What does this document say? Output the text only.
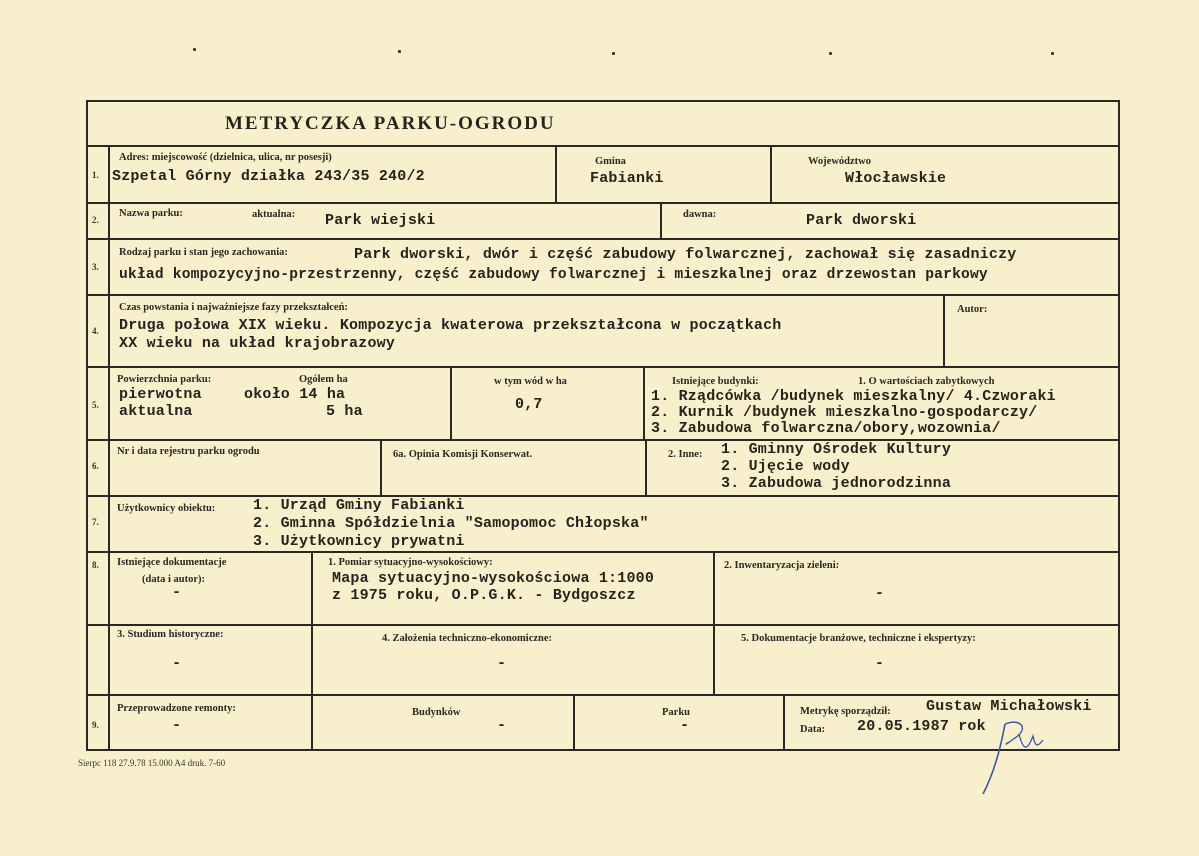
METRYCZKA PARKU-OGRODU
1.
Adres: miejscowość (dzielnica, ulica, nr posesji)
Szpetal Górny działka 243/35 240/2
Gmina
Fabianki
Województwo
Włocławskie
2.
Nazwa parku:	aktualna: Park wiejski	dawna:	Park dworski
3.
Rodzaj parku i stan jego zachowania:	Park dworski, dwór i część zabudowy folwarcznej, zachował się zasadniczy
układ kompozycyjno-przestrzenny, część zabudowy folwarcznej i mieszkalnej oraz drzewostan parkowy
4.
Czas powstania i najważniejsze fazy przekształceń:
Druga połowa XIX wieku. Kompozycja kwaterowa przekształcona w początkach
XX wieku na układ krajobrazowy
Autor:
5.
Powierzchnia parku:	Ogółem ha
pierwotna	około 14 ha
aktualna	5 ha
w tym wód w ha
0,7
Istniejące budynki:	1. O wartościach zabytkowych
1. Rządcówka /budynek mieszkalny/ 4.Czworaki
2. Kurnik /budynek mieszkalno-gospodarczy/
3. Zabudowa folwarczna/obory,wozownia/
6.
Nr i data rejestru parku ogrodu	6a. Opinia Komisji Konserwat.	2. Inne: 1. Gminny Ośrodek Kultury
2. Ujęcie wody
3. Zabudowa jednorodzinna
7.
Użytkownicy obiektu:	1. Urząd Gminy Fabianki
2. Gminna Spółdzielnia "Samopomoc Chłopska"
3. Użytkownicy prywatni
8. Istniejące dokumentacje
(data i autor):
-
1. Pomiar sytuacyjno-wysokościowy:
Mapa sytuacyjno-wysokościowa 1:1000
z 1975 roku, O.P.G.K. - Bydgoszcz
2. Inwentaryzacja zieleni:
-
3. Studium historyczne:
-
4. Założenia techniczno-ekonomiczne:
-
5. Dokumentacje branżowe, techniczne i ekspertyzy:
-
9.
Przeprowadzone remonty:
-
Budynków
-
Parku
-
Metrykę sporządził: Gustaw Michałowski
Data: 20.05.1987 rok
Sierpc 118 27.9.78 15.000 A4 druk. 7-60
